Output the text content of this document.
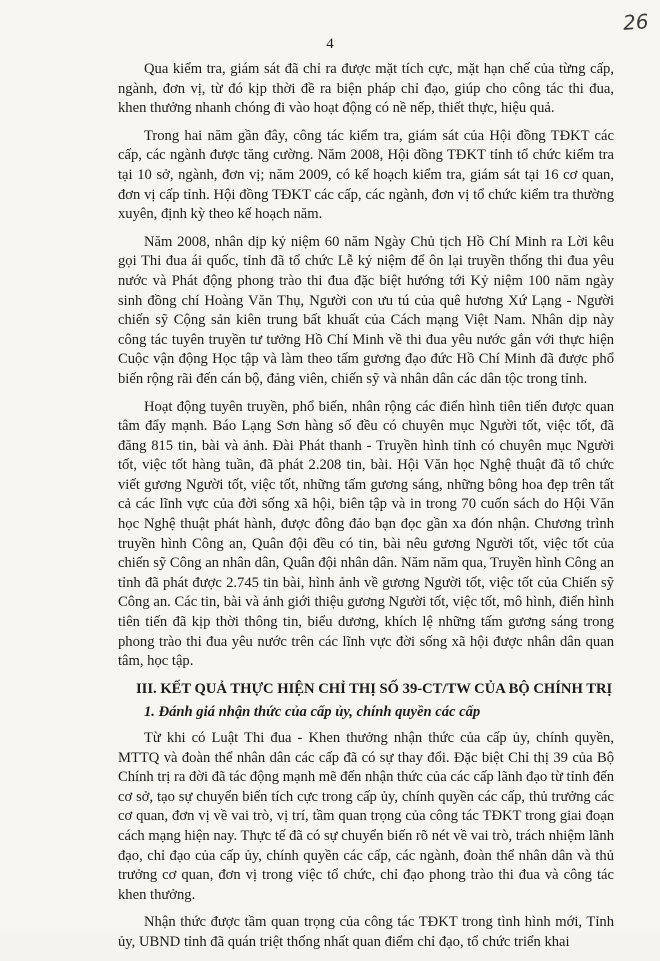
26
4

Qua kiểm tra, giám sát đã chỉ ra được mặt tích cực, mặt hạn chế của từng cấp, ngành, đơn vị, từ đó kịp thời đề ra biện pháp chỉ đạo, giúp cho công tác thi đua, khen thưởng nhanh chóng đi vào hoạt động có nề nếp, thiết thực, hiệu quả.

Trong hai năm gần đây, công tác kiểm tra, giám sát của Hội đồng TĐKT các cấp, các ngành được tăng cường. Năm 2008, Hội đồng TĐKT tỉnh tổ chức kiểm tra tại 10 sở, ngành, đơn vị; năm 2009, có kế hoạch kiểm tra, giám sát tại 16 cơ quan, đơn vị cấp tỉnh. Hội đồng TĐKT các cấp, các ngành, đơn vị tổ chức kiểm tra thường xuyên, định kỳ theo kế hoạch năm.

Năm 2008, nhân dịp kỷ niệm 60 năm Ngày Chủ tịch Hồ Chí Minh ra Lời kêu gọi Thi đua ái quốc, tỉnh đã tổ chức Lễ kỷ niệm để ôn lại truyền thống thi đua yêu nước và Phát động phong trào thi đua đặc biệt hướng tới Kỷ niệm 100 năm ngày sinh đồng chí Hoàng Văn Thụ, Người con ưu tú của quê hương Xứ Lạng - Người chiến sỹ Cộng sản kiên trung bất khuất của Cách mạng Việt Nam. Nhân dịp này công tác tuyên truyền tư tưởng Hồ Chí Minh về thi đua yêu nước gắn với thực hiện Cuộc vận động Học tập và làm theo tấm gương đạo đức Hồ Chí Minh đã được phổ biến rộng rãi đến cán bộ, đảng viên, chiến sỹ và nhân dân các dân tộc trong tỉnh.

Hoạt động tuyên truyền, phổ biến, nhân rộng các điển hình tiên tiến được quan tâm đẩy mạnh. Báo Lạng Sơn hàng số đều có chuyên mục Người tốt, việc tốt, đã đăng 815 tin, bài và ảnh. Đài Phát thanh - Truyền hình tỉnh có chuyên mục Người tốt, việc tốt hàng tuần, đã phát 2.208 tin, bài. Hội Văn học Nghệ thuật đã tổ chức viết gương Người tốt, việc tốt, những tấm gương sáng, những bông hoa đẹp trên tất cả các lĩnh vực của đời sống xã hội, biên tập và in trong 70 cuốn sách do Hội Văn học Nghệ thuật phát hành, được đông đảo bạn đọc gần xa đón nhận. Chương trình truyền hình Công an, Quân đội đều có tin, bài nêu gương Người tốt, việc tốt của chiến sỹ Công an nhân dân, Quân đội nhân dân. Năm năm qua, Truyền hình Công an tỉnh đã phát được 2.745 tin bài, hình ảnh về gương Người tốt, việc tốt của Chiến sỹ Công an. Các tin, bài và ảnh giới thiệu gương Người tốt, việc tốt, mô hình, điển hình tiên tiến đã kịp thời thông tin, biểu dương, khích lệ những tấm gương sáng trong phong trào thi đua yêu nước trên các lĩnh vực đời sống xã hội được nhân dân quan tâm, học tập.

III. KẾT QUẢ THỰC HIỆN CHỈ THỊ SỐ 39-CT/TW CỦA BỘ CHÍNH TRỊ
1. Đánh giá nhận thức của cấp ủy, chính quyền các cấp

Từ khi có Luật Thi đua - Khen thưởng nhận thức của cấp ủy, chính quyền, MTTQ và đoàn thể nhân dân các cấp đã có sự thay đổi. Đặc biệt Chỉ thị 39 của Bộ Chính trị ra đời đã tác động mạnh mẽ đến nhận thức của các cấp lãnh đạo từ tỉnh đến cơ sở, tạo sự chuyển biến tích cực trong cấp ủy, chính quyền các cấp, thủ trưởng các cơ quan, đơn vị về vai trò, vị trí, tầm quan trọng của công tác TĐKT trong giai đoạn cách mạng hiện nay. Thực tế đã có sự chuyển biến rõ nét về vai trò, trách nhiệm lãnh đạo, chỉ đạo của cấp ủy, chính quyền các cấp, các ngành, đoàn thể nhân dân và thủ trưởng cơ quan, đơn vị trong việc tổ chức, chỉ đạo phong trào thi đua và công tác khen thưởng.

Nhận thức được tầm quan trọng của công tác TĐKT trong tình hình mới, Tỉnh ủy, UBND tỉnh đã quán triệt thống nhất quan điểm chỉ đạo, tổ chức triển khai
